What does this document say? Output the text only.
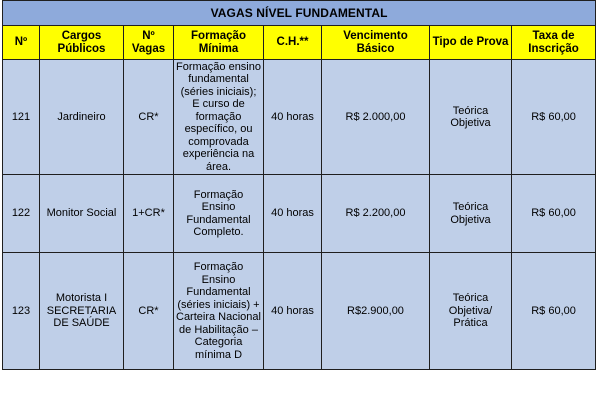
VAGAS NÍVEL FUNDAMENTAL							
Nº	Cargos Públicos	Nº Vagas	Formação Mínima	C.H.**	Vencimento Básico	Tipo de Prova	Taxa de Inscrição
121	Jardineiro	CR*	Formação ensino fundamental (séries iniciais); E curso de formação específico, ou comprovada experiência na área.	40 horas	R$ 2.000,00	Teórica Objetiva	R$ 60,00
122	Monitor Social	1+CR*	Formação Ensino Fundamental Completo.	40 horas	R$ 2.200,00	Teórica Objetiva	R$ 60,00
123	Motorista I SECRETARIA DE SAÚDE	CR*	Formação Ensino Fundamental (séries iniciais) + Carteira Nacional de Habilitação – Categoria mínima D	40 horas	R$2.900,00	Teórica Objetiva/ Prática	R$ 60,00
